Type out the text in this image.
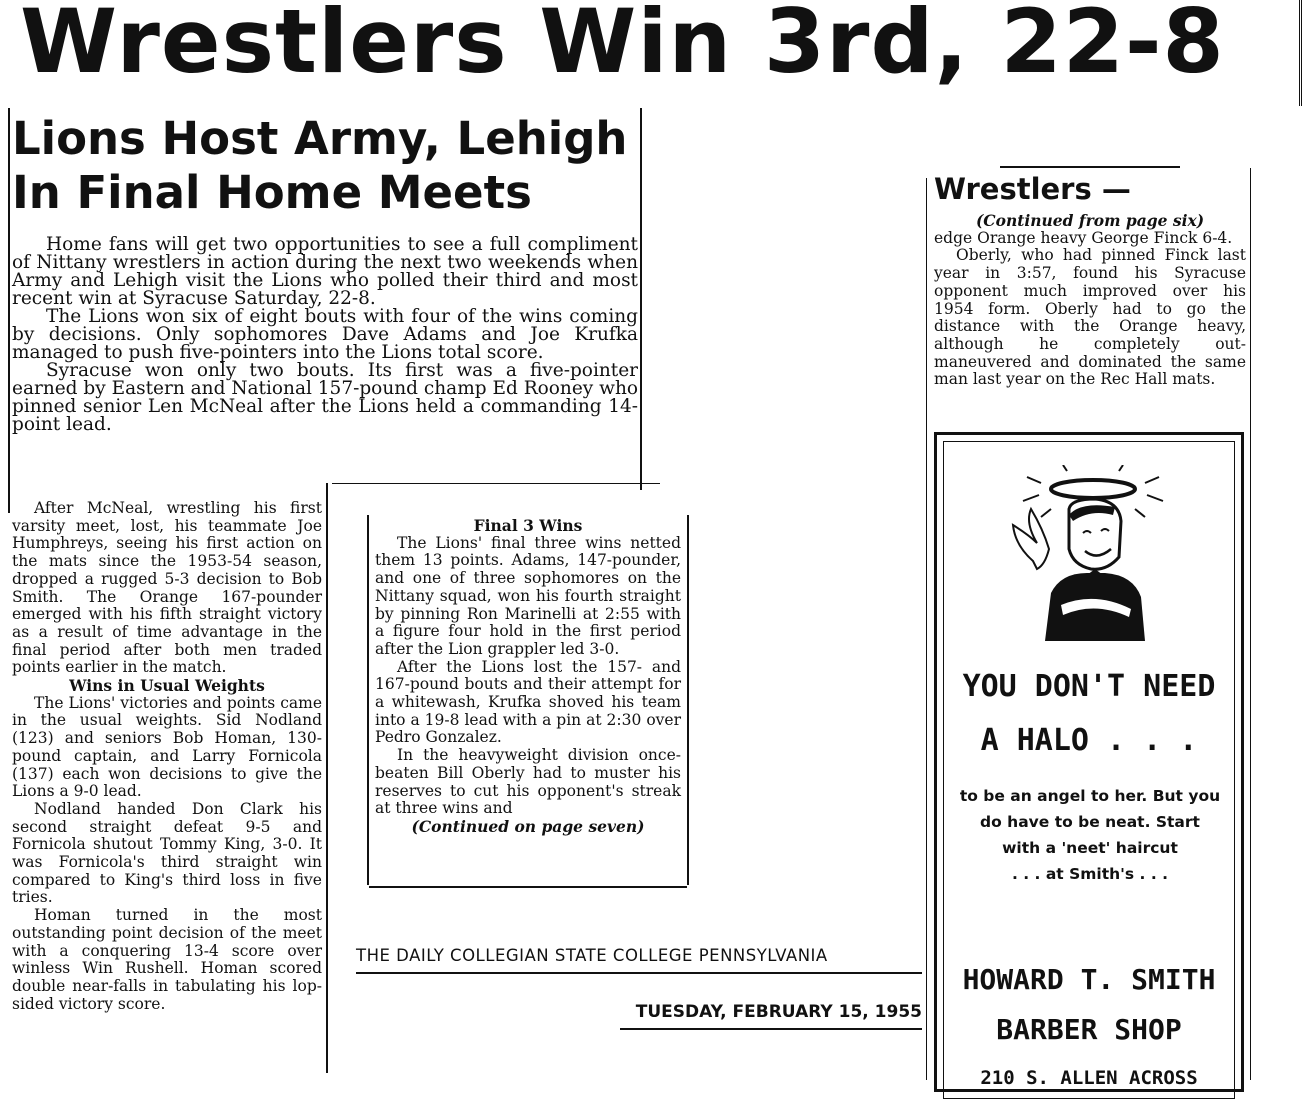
Wrestlers Win 3rd, 22-8
Lions Host Army, Lehigh
In Final Home Meets

Home fans will get two opportunities to see a full compliment of Nittany wrestlers in action during the next two weekends when Army and Lehigh visit the Lions who polled their third and most recent win at Syracuse Saturday, 22-8.

The Lions won six of eight bouts with four of the wins coming by decisions. Only sophomores Dave Adams and Joe Krufka managed to push five-pointers into the Lions total score.

Syracuse won only two bouts. Its first was a five-pointer earned by Eastern and National 157-pound champ Ed Rooney who pinned senior Len McNeal after the Lions held a commanding 14-point lead.

After McNeal, wrestling his first varsity meet, lost, his teammate Joe Humphreys, seeing his first action on the mats since the 1953-54 season, dropped a rugged 5-3 decision to Bob Smith. The Orange 167-pounder emerged with his fifth straight victory as a result of time advantage in the final period after both men traded points earlier in the match.

Wins in Usual Weights

The Lions' victories and points came in the usual weights. Sid Nodland (123) and seniors Bob Homan, 130-pound captain, and Larry Fornicola (137) each won decisions to give the Lions a 9-0 lead.

Nodland handed Don Clark his second straight defeat 9-5 and Fornicola shutout Tommy King, 3-0. It was Fornicola's third straight win compared to King's third loss in five tries.

Homan turned in the most outstanding point decision of the meet with a conquering 13-4 score over winless Win Rushell. Homan scored double near-falls in tabulating his lop-sided victory score.

Final 3 Wins

The Lions' final three wins netted them 13 points. Adams, 147-pounder, and one of three sophomores on the Nittany squad, won his fourth straight by pinning Ron Marinelli at 2:55 with a figure four hold in the first period after the Lion grappler led 3-0.

After the Lions lost the 157- and 167-pound bouts and their attempt for a whitewash, Krufka shoved his team into a 19-8 lead with a pin at 2:30 over Pedro Gonzalez.

In the heavyweight division once-beaten Bill Oberly had to muster his reserves to cut his opponent's streak at three wins and

(Continued on page seven)

THE DAILY COLLEGIAN STATE COLLEGE PENNSYLVANIA
TUESDAY, FEBRUARY 15, 1955
Wrestlers —

(Continued from page six)

edge Orange heavy George Finck 6-4.

Oberly, who had pinned Finck last year in 3:57, found his Syracuse opponent much improved over his 1954 form. Oberly had to go the distance with the Orange heavy, although he completely out-maneuvered and dominated the same man last year on the Rec Hall mats.

YOU DON'T NEED
A HALO . . .
to be an angel to her. But you
do have to be neat. Start
with a 'neet' haircut
. . . at Smith's . . .
HOWARD T. SMITH
BARBER SHOP
210 S. ALLEN ACROSS
